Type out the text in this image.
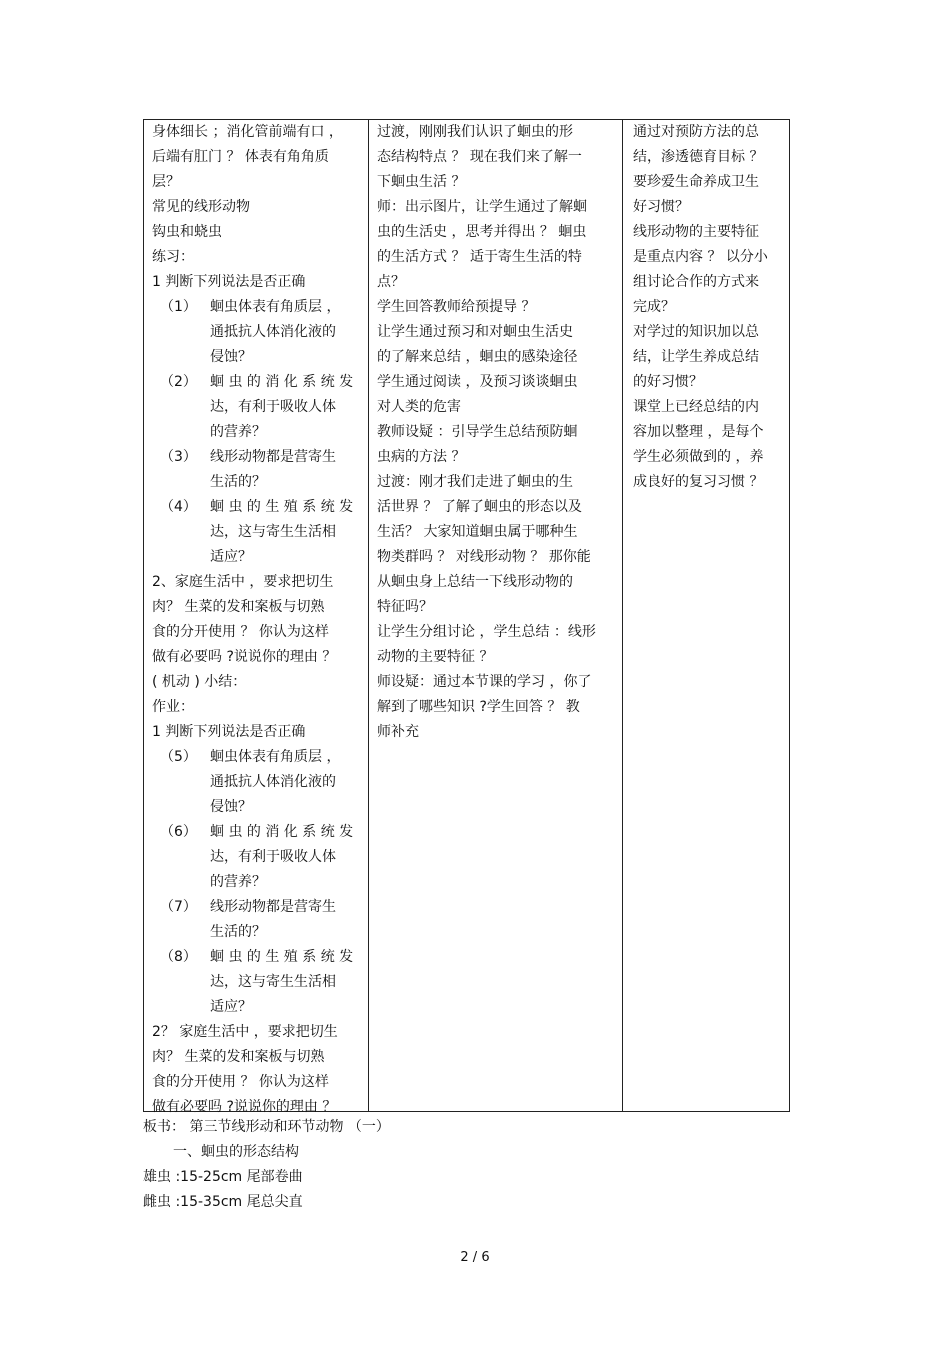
身体细长 ；消化管前端有口 ，
后端有肛门 ？ 体表有角角质
层？
常见的线形动物
钩虫和蛲虫
练习：
1 判断下列说法是否正确
（1） 蛔虫体表有角质层 ，
通抵抗人体消化液的
侵蚀？
（2） 蛔 虫 的 消 化 系 统 发
达，有利于吸收人体
的营养？
（3） 线形动物都是营寄生
生活的？
（4） 蛔 虫 的 生 殖 系 统 发
达，这与寄生生活相
适应？
2、家庭生活中 ，要求把切生
肉？ 生菜的发和案板与切熟
食的分开使用 ？ 你认为这样
做有必要吗 ?说说你的理由 ？
( 机动 ) 小结：
作业：
1 判断下列说法是否正确
（5） 蛔虫体表有角质层 ，
通抵抗人体消化液的
侵蚀？
（6） 蛔 虫 的 消 化 系 统 发
达，有利于吸收人体
的营养？
（7） 线形动物都是营寄生
生活的？
（8） 蛔 虫 的 生 殖 系 统 发
达，这与寄生生活相
适应？
2？ 家庭生活中 ，要求把切生
肉？ 生菜的发和案板与切熟
食的分开使用 ？ 你认为这样
做有必要吗 ?说说你的理由 ？
过渡，刚刚我们认识了蛔虫的形
态结构特点 ？ 现在我们来了解一
下蛔虫生活 ？
师：出示图片，让学生通过了解蛔
虫的生活史 ，思考并得出 ？ 蛔虫
的生活方式 ？ 适于寄生生活的特
点？
学生回答教师给预提导 ？
让学生通过预习和对蛔虫生活史
的了解来总结 ，蛔虫的感染途径
学生通过阅读 ，及预习谈谈蛔虫
对人类的危害
教师设疑 ：引导学生总结预防蛔
虫病的方法 ？
过渡：刚才我们走进了蛔虫的生
活世界 ？ 了解了蛔虫的形态以及
生活？ 大家知道蛔虫属于哪种生
物类群吗 ？ 对线形动物 ？ 那你能
从蛔虫身上总结一下线形动物的
特征吗？
让学生分组讨论 ，学生总结 ：线形
动物的主要特征 ？
师设疑：通过本节课的学习 ，你了
解到了哪些知识 ?学生回答 ？ 教
师补充
通过对预防方法的总
结，渗透德育目标 ？
要珍爱生命养成卫生
好习惯？
线形动物的主要特征
是重点内容 ？ 以分小
组讨论合作的方式来
完成？
对学过的知识加以总
结，让学生养成总结
的好习惯？
课堂上已经总结的内
容加以整理 ，是每个
学生必须做到的 ，养
成良好的复习习惯 ？
板书： 第三节线形动和环节动物 （一）
一、蛔虫的形态结构
雄虫 :15-25cm 尾部卷曲
雌虫 :15-35cm 尾总尖直
2 / 6
